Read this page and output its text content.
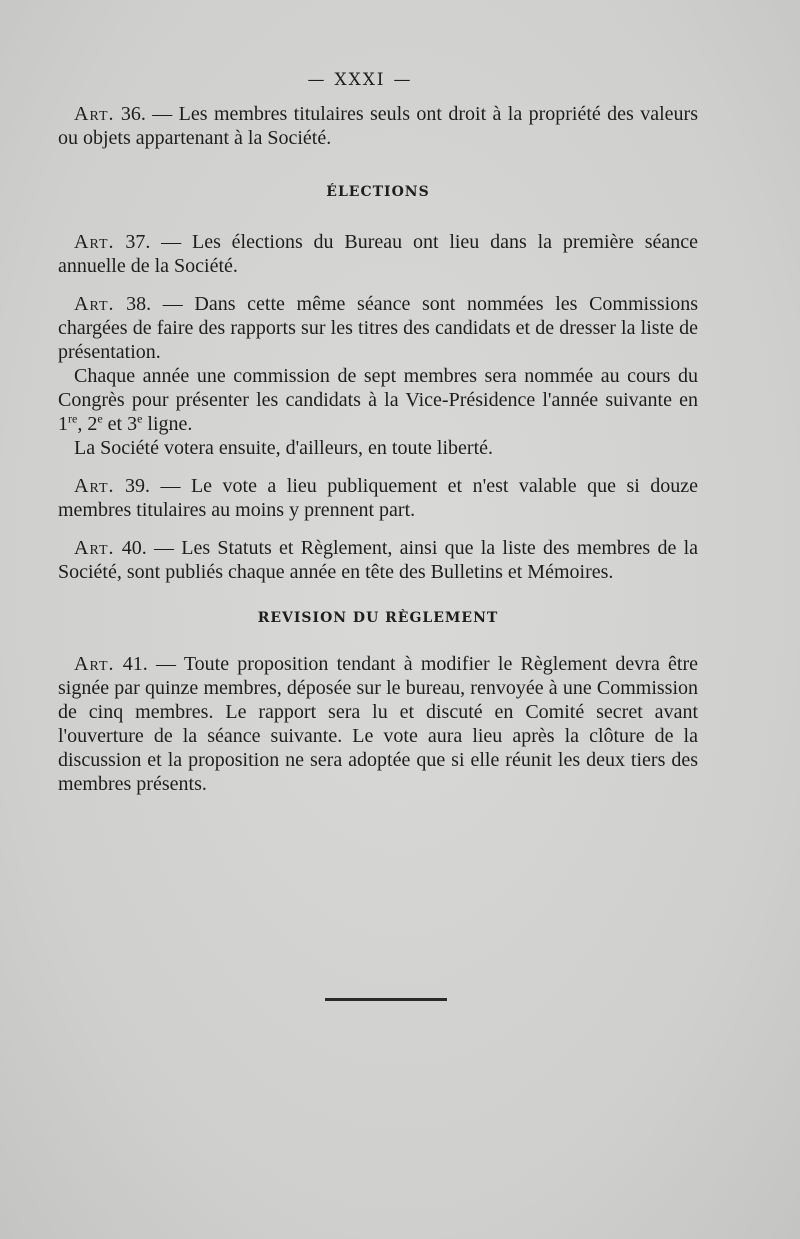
— XXXI —

Art. 36. — Les membres titulaires seuls ont droit à la propriété des valeurs ou objets appartenant à la Société.

ÉLECTIONS

Art. 37. — Les élections du Bureau ont lieu dans la première séance annuelle de la Société.

Art. 38. — Dans cette même séance sont nommées les Commissions chargées de faire des rapports sur les titres des candidats et de dresser la liste de présentation.

Chaque année une commission de sept membres sera nommée au cours du Congrès pour présenter les candidats à la Vice-Présidence l'année suivante en 1re, 2e et 3e ligne.

La Société votera ensuite, d'ailleurs, en toute liberté.

Art. 39. — Le vote a lieu publiquement et n'est valable que si douze membres titulaires au moins y prennent part.

Art. 40. — Les Statuts et Règlement, ainsi que la liste des membres de la Société, sont publiés chaque année en tête des Bulletins et Mémoires.

REVISION DU RÈGLEMENT

Art. 41. — Toute proposition tendant à modifier le Règlement devra être signée par quinze membres, déposée sur le bureau, renvoyée à une Commission de cinq membres. Le rapport sera lu et discuté en Comité secret avant l'ouverture de la séance suivante. Le vote aura lieu après la clôture de la discussion et la proposition ne sera adoptée que si elle réunit les deux tiers des membres présents.
